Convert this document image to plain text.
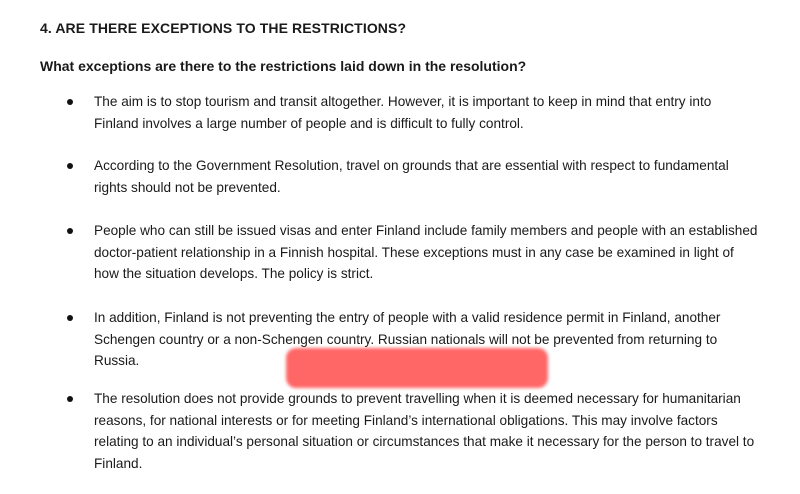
4. ARE THERE EXCEPTIONS TO THE RESTRICTIONS?
What exceptions are there to the restrictions laid down in the resolution?
The aim is to stop tourism and transit altogether. However, it is important to keep in mind that entry into Finland involves a large number of people and is difficult to fully control.
According to the Government Resolution, travel on grounds that are essential with respect to fundamental rights should not be prevented.
People who can still be issued visas and enter Finland include family members and people with an established doctor-patient relationship in a Finnish hospital. These exceptions must in any case be examined in light of how the situation develops. The policy is strict.
In addition, Finland is not preventing the entry of people with a valid residence permit in Finland, another Schengen country or a non-Schengen country. Russian nationals will not be prevented from returning to Russia.
The resolution does not provide grounds to prevent travelling when it is deemed necessary for humanitarian reasons, for national interests or for meeting Finland’s international obligations. This may involve factors relating to an individual’s personal situation or circumstances that make it necessary for the person to travel to Finland.
